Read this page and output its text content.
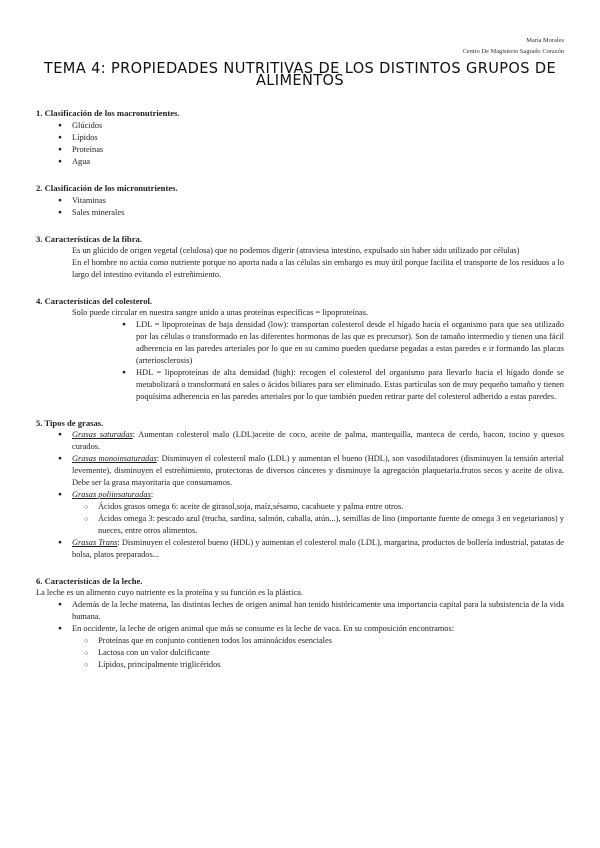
María Morales
Centro De Magisterio Sagrado Corazón
TEMA 4: PROPIEDADES NUTRITIVAS DE LOS DISTINTOS GRUPOS DE ALIMENTOS
1. Clasificación de los macronutrientes.
● Glúcidos
● Lípidos
● Proteínas
● Agua
2. Clasificación de los micronutrientes.
● Vitaminas
● Sales minerales
3. Características de la fibra.

Es un glúcido de origen vegetal (celulosa) que no podemos digerir (atraviesa intestino, expulsado sin haber sido utilizado por células)

En el hombre no actúa como nutriente porque no aporta nada a las células sin embargo es muy útil porque facilita el transporte de los residuos a lo largo del intestino evitando el estreñimiento.

4. Características del colesterol.

Solo puede circular en nuestra sangre unido a unas proteínas específicas = lipoproteínas.

● LDL = lipoproteínas de baja densidad (low): transportan colesterol desde el hígado hacia el organismo para que sea utilizado por las células o transformado en las diferentes hormonas de las que es precursor). Son de tamaño intermedio y tienen una fácil adherencia en las paredes arteriales por lo que en su camino pueden quedarse pegadas a estas paredes e ir formando las placas (arteriosclerosis)
● HDL = lipoproteínas de alta densidad (high): recogen el colesterol del organismo para llevarlo hacia el hígado donde se metabolizará o transformará en sales o ácidos biliares para ser eliminado. Estas partículas son de muy pequeño tamaño y tienen poquísima adherencia en las paredes arteriales por lo que también pueden retirar parte del colesterol adherido a estas paredes.
5. Tipos de grasas.
● Grasas saturadas: Aumentan colesterol malo (LDL)aceite de coco, aceite de palma, mantequilla, manteca de cerdo, bacon, tocino y quesos curados.
● Grasas monoinsaturadas: Disminuyen el colesterol malo (LDL) y aumentan el bueno (HDL), son vasodilatadores (disminuyen la tensión arterial levemente), disminuyen el estreñimiento, protectoras de diversos cánceres y disminuye la agregación plaquetaria.frutos secos y aceite de oliva. Debe ser la grasa mayoritaria que consumamos.
● Grasas poliinsaturadas:
○ Ácidos grasos omega 6: aceite de girasol,soja, maíz,sésamo, cacahuete y palma entre otros.
○ Ácidos omega 3: pescado azul (trucha, sardina, salmón, caballa, atún...), semillas de lino (importante fuente de omega 3 en vegetarianos) y nueces, entre otros alimentos.
● Grasas Trans: Disminuyen el colesterol bueno (HDL) y aumentan el colesterol malo (LDL), margarina, productos de bollería industrial, patatas de bolsa, platos preparados...
6. Características de la leche.

La leche es un alimento cuyo nutriente es la proteína y su función es la plástica.

● Además de la leche materna, las distintas leches de origen animal han tenido históricamente una importancia capital para la subsistencia de la vida humana.
● En occidente, la leche de origen animal que más se consume es la leche de vaca. En su composición encontramos:
○ Proteínas que en conjunto contienen todos los aminoácidos esenciales
○ Lactosa con un valor dulcificante
○ Lípidos, principalmente triglicéridos
